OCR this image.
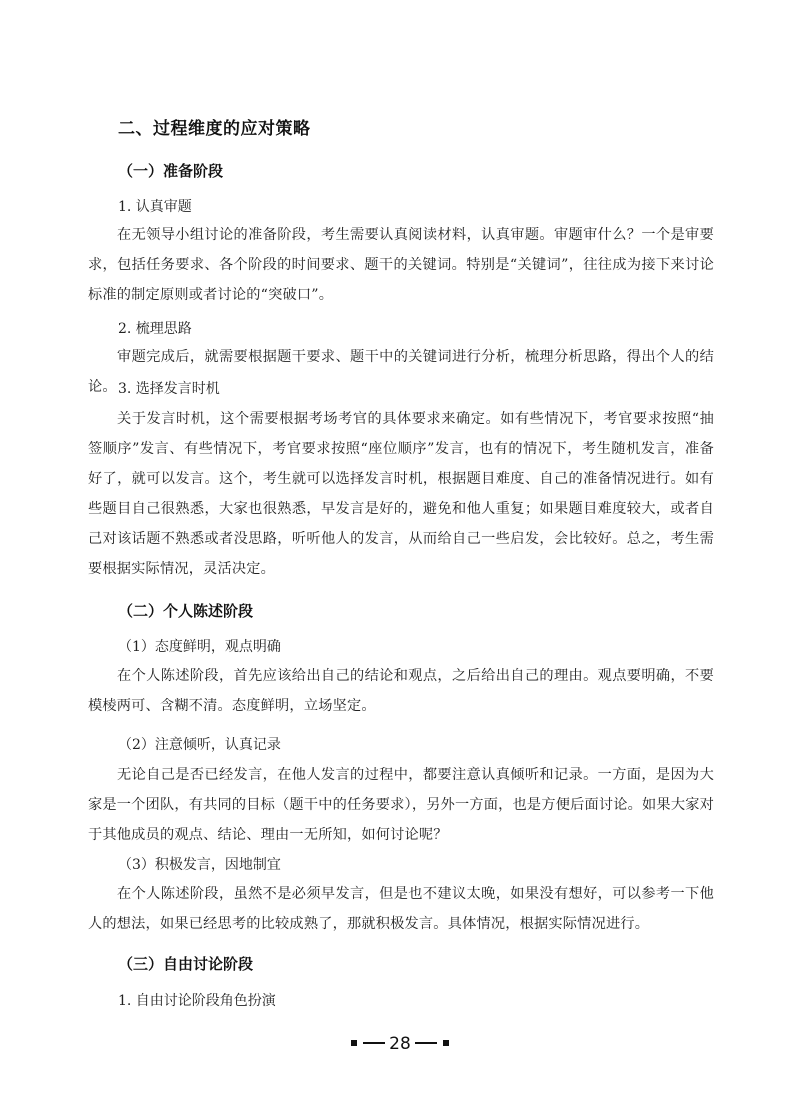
二、过程维度的应对策略
（一）准备阶段
1. 认真审题
在无领导小组讨论的准备阶段，考生需要认真阅读材料，认真审题。审题审什么？一个是审要求，包括任务要求、各个阶段的时间要求、题干的关键词。特别是“关键词”，往往成为接下来讨论标准的制定原则或者讨论的“突破口”。
2. 梳理思路
审题完成后，就需要根据题干要求、题干中的关键词进行分析，梳理分析思路，得出个人的结论。 3. 选择发言时机
关于发言时机，这个需要根据考场考官的具体要求来确定。如有些情况下，考官要求按照“抽签顺序”发言、有些情况下，考官要求按照“座位顺序”发言，也有的情况下，考生随机发言，准备好了，就可以发言。这个，考生就可以选择发言时机，根据题目难度、自己的准备情况进行。如有些题目自己很熟悉，大家也很熟悉，早发言是好的，避免和他人重复；如果题目难度较大，或者自己对该话题不熟悉或者没思路，听听他人的发言，从而给自己一些启发，会比较好。总之，考生需要根据实际情况，灵活决定。
（二）个人陈述阶段
（1）态度鲜明，观点明确
在个人陈述阶段，首先应该给出自己的结论和观点，之后给出自己的理由。观点要明确，不要模棱两可、含糊不清。态度鲜明，立场坚定。
（2）注意倾听，认真记录
无论自己是否已经发言，在他人发言的过程中，都要注意认真倾听和记录。一方面，是因为大家是一个团队，有共同的目标（题干中的任务要求），另外一方面，也是方便后面讨论。如果大家对于其他成员的观点、结论、理由一无所知，如何讨论呢？
（3）积极发言，因地制宜
在个人陈述阶段，虽然不是必须早发言，但是也不建议太晚，如果没有想好，可以参考一下他人的想法，如果已经思考的比较成熟了，那就积极发言。具体情况，根据实际情况进行。
（三）自由讨论阶段
1. 自由讨论阶段角色扮演
28
